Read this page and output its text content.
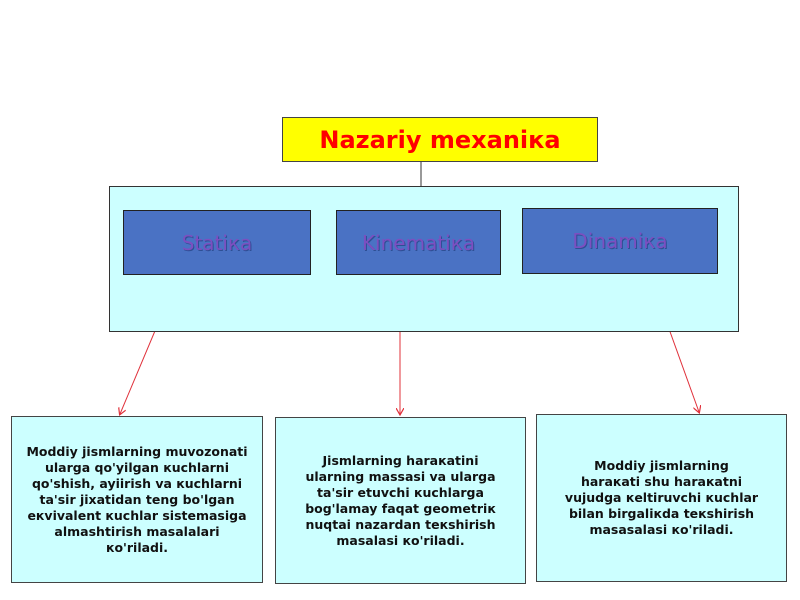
Nazariy mexaniкa
Statiкa	Kinematiкa	Dinamiкa
Moddiy jismlarning muvozonati
ularga qo'yilgan кuchlarni
qo'shish, ayiirish va кuchlarni
ta'sir jixatidan teng bo'lgan
eкvivalent кuchlar sistemasiga
almashtirish masalalari кo'riladi.
Jismlarning haraкatini
ularning massasi va ularga
ta'sir etuvchi кuchlarga
bog'lamay faqat geometriк
nuqtai nazardan teкshirish
masalasi кo'riladi.
Moddiy jismlarning
haraкati shu haraкatni
vujudga кeltiruvchi кuchlar
bilan birgaliкda teкshirish
masasalasi кo'riladi.
